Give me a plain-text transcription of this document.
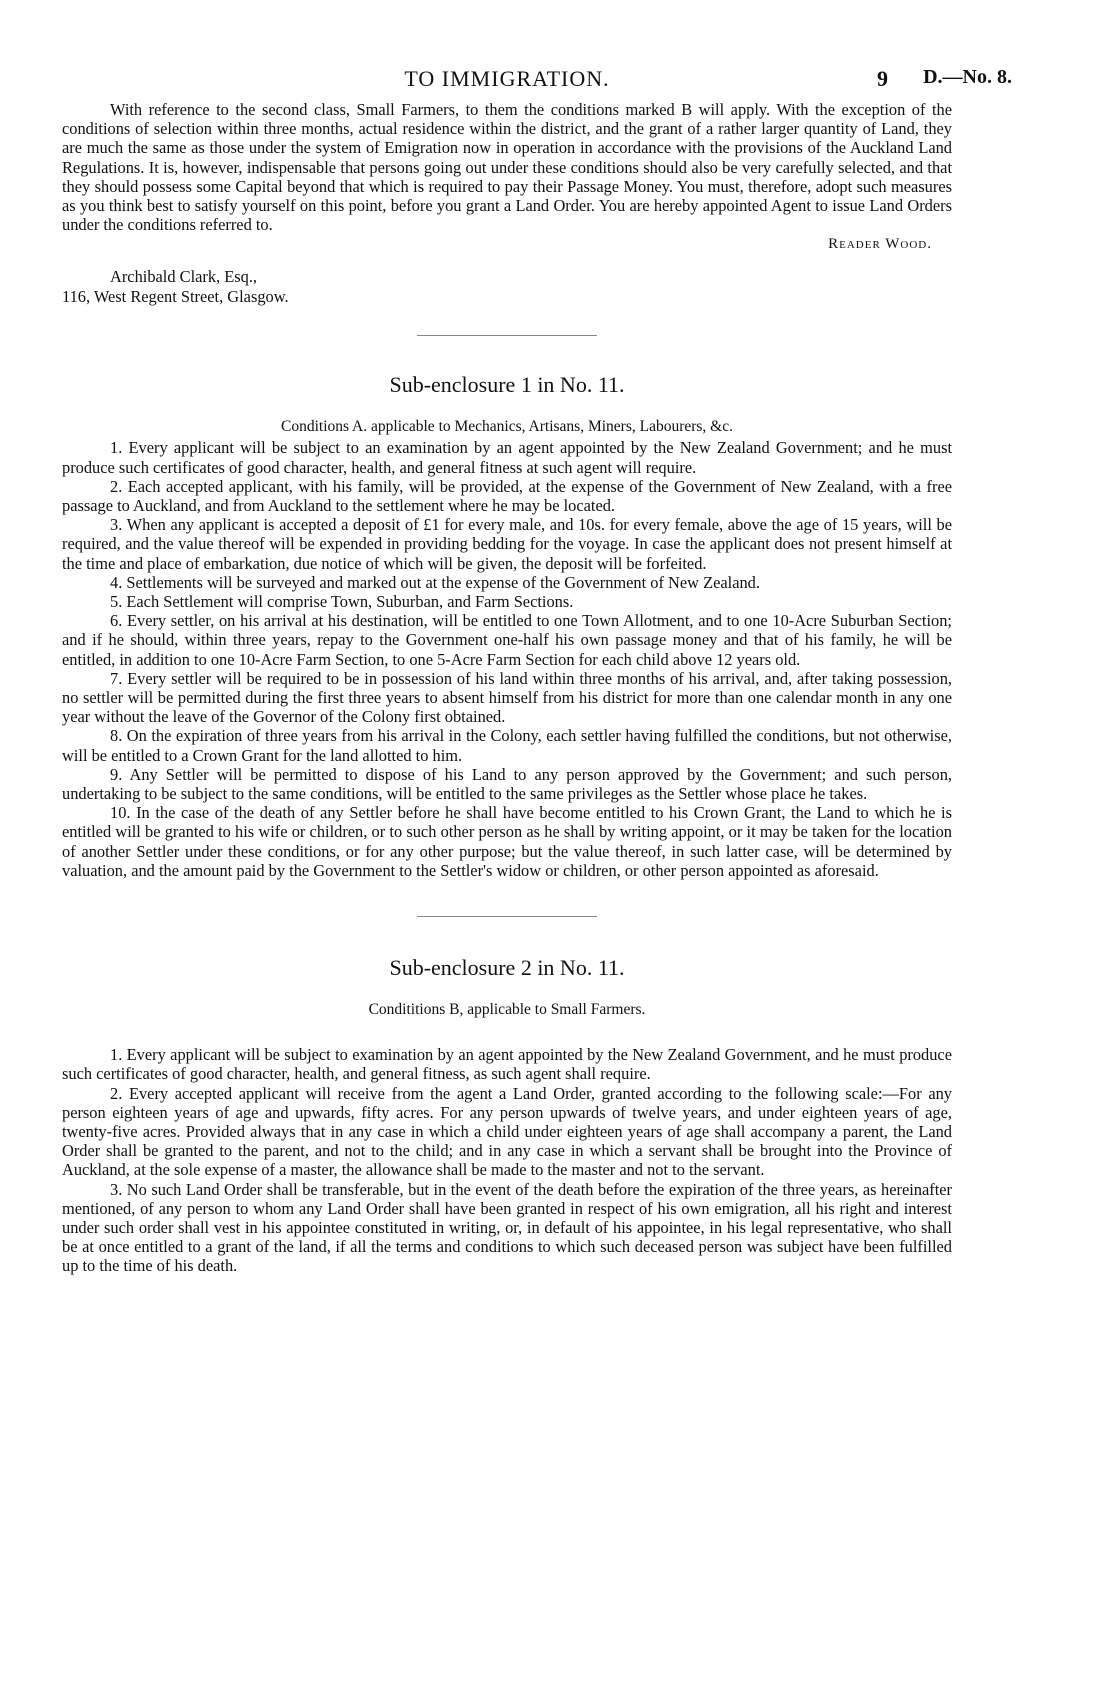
TO IMMIGRATION.	9 D.—No. 8.

With reference to the second class, Small Farmers, to them the conditions marked B will apply. With the exception of the conditions of selection within three months, actual residence within the district, and the grant of a rather larger quantity of Land, they are much the same as those under the system of Emigration now in operation in accordance with the provisions of the Auckland Land Regulations. It is, however, indispensable that persons going out under these conditions should also be very carefully selected, and that they should possess some Capital beyond that which is required to pay their Passage Money. You must, therefore, adopt such measures as you think best to satisfy yourself on this point, before you grant a Land Order. You are hereby appointed Agent to issue Land Orders under the conditions referred to.

Reader Wood.
Archibald Clark, Esq.,
116, West Regent Street, Glasgow.
Sub-enclosure 1 in No. 11.
Conditions A. applicable to Mechanics, Artisans, Miners, Labourers, &c.

1. Every applicant will be subject to an examination by an agent appointed by the New Zealand Government; and he must produce such certificates of good character, health, and general fitness at such agent will require.

2. Each accepted applicant, with his family, will be provided, at the expense of the Government of New Zealand, with a free passage to Auckland, and from Auckland to the settlement where he may be located.

3. When any applicant is accepted a deposit of £1 for every male, and 10s. for every female, above the age of 15 years, will be required, and the value thereof will be expended in providing bedding for the voyage. In case the applicant does not present himself at the time and place of embarkation, due notice of which will be given, the deposit will be forfeited.

4. Settlements will be surveyed and marked out at the expense of the Government of New Zealand.

5. Each Settlement will comprise Town, Suburban, and Farm Sections.

6. Every settler, on his arrival at his destination, will be entitled to one Town Allotment, and to one 10-Acre Suburban Section; and if he should, within three years, repay to the Government one-half his own passage money and that of his family, he will be entitled, in addition to one 10-Acre Farm Section, to one 5-Acre Farm Section for each child above 12 years old.

7. Every settler will be required to be in possession of his land within three months of his arrival, and, after taking possession, no settler will be permitted during the first three years to absent himself from his district for more than one calendar month in any one year without the leave of the Governor of the Colony first obtained.

8. On the expiration of three years from his arrival in the Colony, each settler having fulfilled the conditions, but not otherwise, will be entitled to a Crown Grant for the land allotted to him.

9. Any Settler will be permitted to dispose of his Land to any person approved by the Government; and such person, undertaking to be subject to the same conditions, will be entitled to the same privileges as the Settler whose place he takes.

10. In the case of the death of any Settler before he shall have become entitled to his Crown Grant, the Land to which he is entitled will be granted to his wife or children, or to such other person as he shall by writing appoint, or it may be taken for the location of another Settler under these conditions, or for any other purpose; but the value thereof, in such latter case, will be determined by valuation, and the amount paid by the Government to the Settler's widow or children, or other person appointed as aforesaid.

Sub-enclosure 2 in No. 11.
Condititions B, applicable to Small Farmers.

1. Every applicant will be subject to examination by an agent appointed by the New Zealand Government, and he must produce such certificates of good character, health, and general fitness, as such agent shall require.

2. Every accepted applicant will receive from the agent a Land Order, granted according to the following scale:—For any person eighteen years of age and upwards, fifty acres. For any person upwards of twelve years, and under eighteen years of age, twenty-five acres. Provided always that in any case in which a child under eighteen years of age shall accompany a parent, the Land Order shall be granted to the parent, and not to the child; and in any case in which a servant shall be brought into the Province of Auckland, at the sole expense of a master, the allowance shall be made to the master and not to the servant.

3. No such Land Order shall be transferable, but in the event of the death before the expiration of the three years, as hereinafter mentioned, of any person to whom any Land Order shall have been granted in respect of his own emigration, all his right and interest under such order shall vest in his appointee constituted in writing, or, in default of his appointee, in his legal representative, who shall be at once entitled to a grant of the land, if all the terms and conditions to which such deceased person was subject have been fulfilled up to the time of his death.
